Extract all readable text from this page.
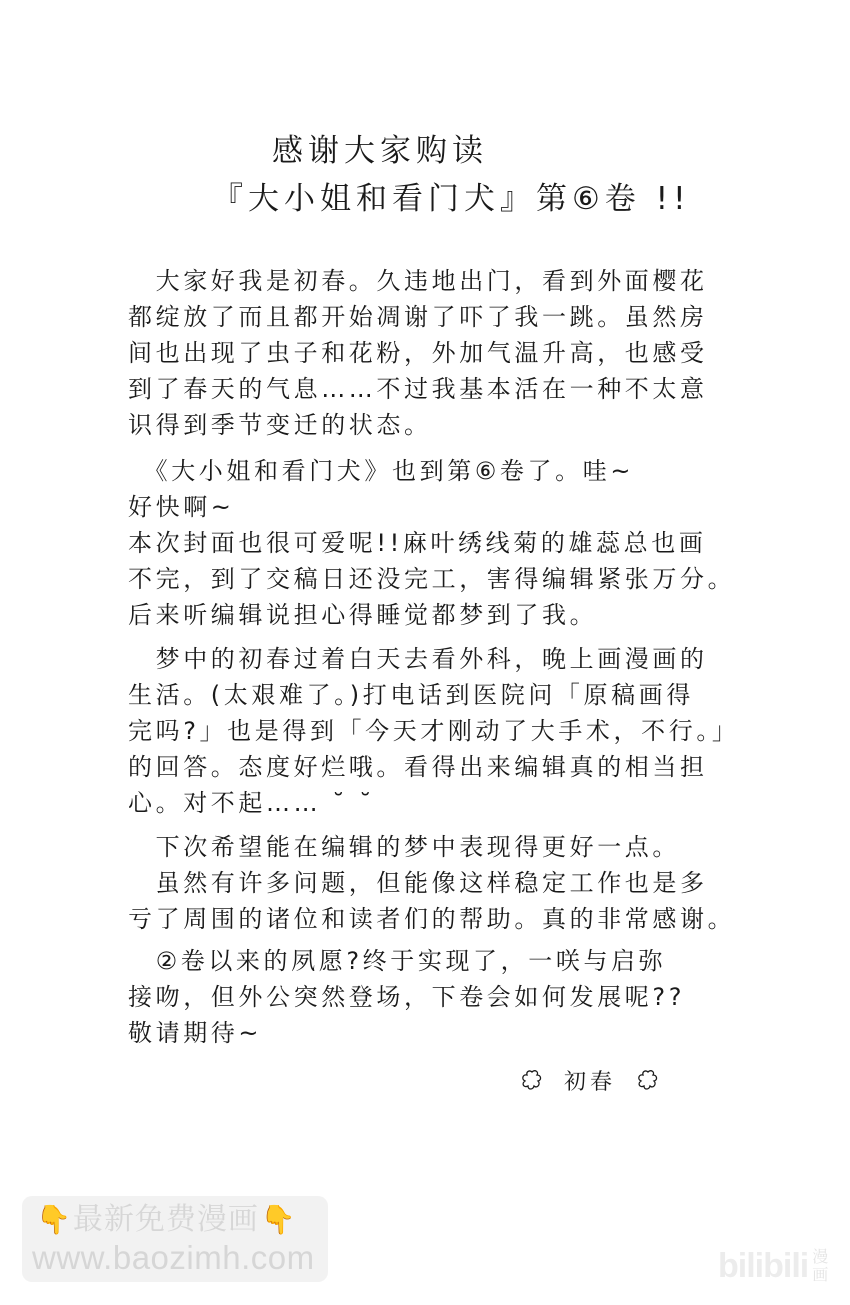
感谢大家购读
『大小姐和看门犬』第⑥卷 !!
　大家好我是初春。久违地出门，看到外面樱花
都绽放了而且都开始凋谢了吓了我一跳。虽然房
间也出现了虫子和花粉，外加气温升高，也感受
到了春天的气息……不过我基本活在一种不太意
识得到季节变迁的状态。
　《大小姐和看门犬》也到第⑥卷了。哇~
好快啊~
本次封面也很可爱呢!!麻叶绣线菊的雄蕊总也画
不完，到了交稿日还没完工，害得编辑紧张万分。
后来听编辑说担心得睡觉都梦到了我。
　梦中的初春过着白天去看外科，晚上画漫画的
生活。(太艰难了。)打电话到医院问「原稿画得
完吗?」也是得到「今天才刚动了大手术，不行。」
的回答。态度好烂哦。看得出来编辑真的相当担
心。对不起…… ˘ ˘
　下次希望能在编辑的梦中表现得更好一点。
　虽然有许多问题，但能像这样稳定工作也是多
亏了周围的诸位和读者们的帮助。真的非常感谢。
　②卷以来的夙愿?终于实现了，一咲与启弥
接吻，但外公突然登场，下卷会如何发展呢??
敬请期待~
初春
👇 最新免费漫画 👇
www.baozimh.com	bilibili 漫
画
